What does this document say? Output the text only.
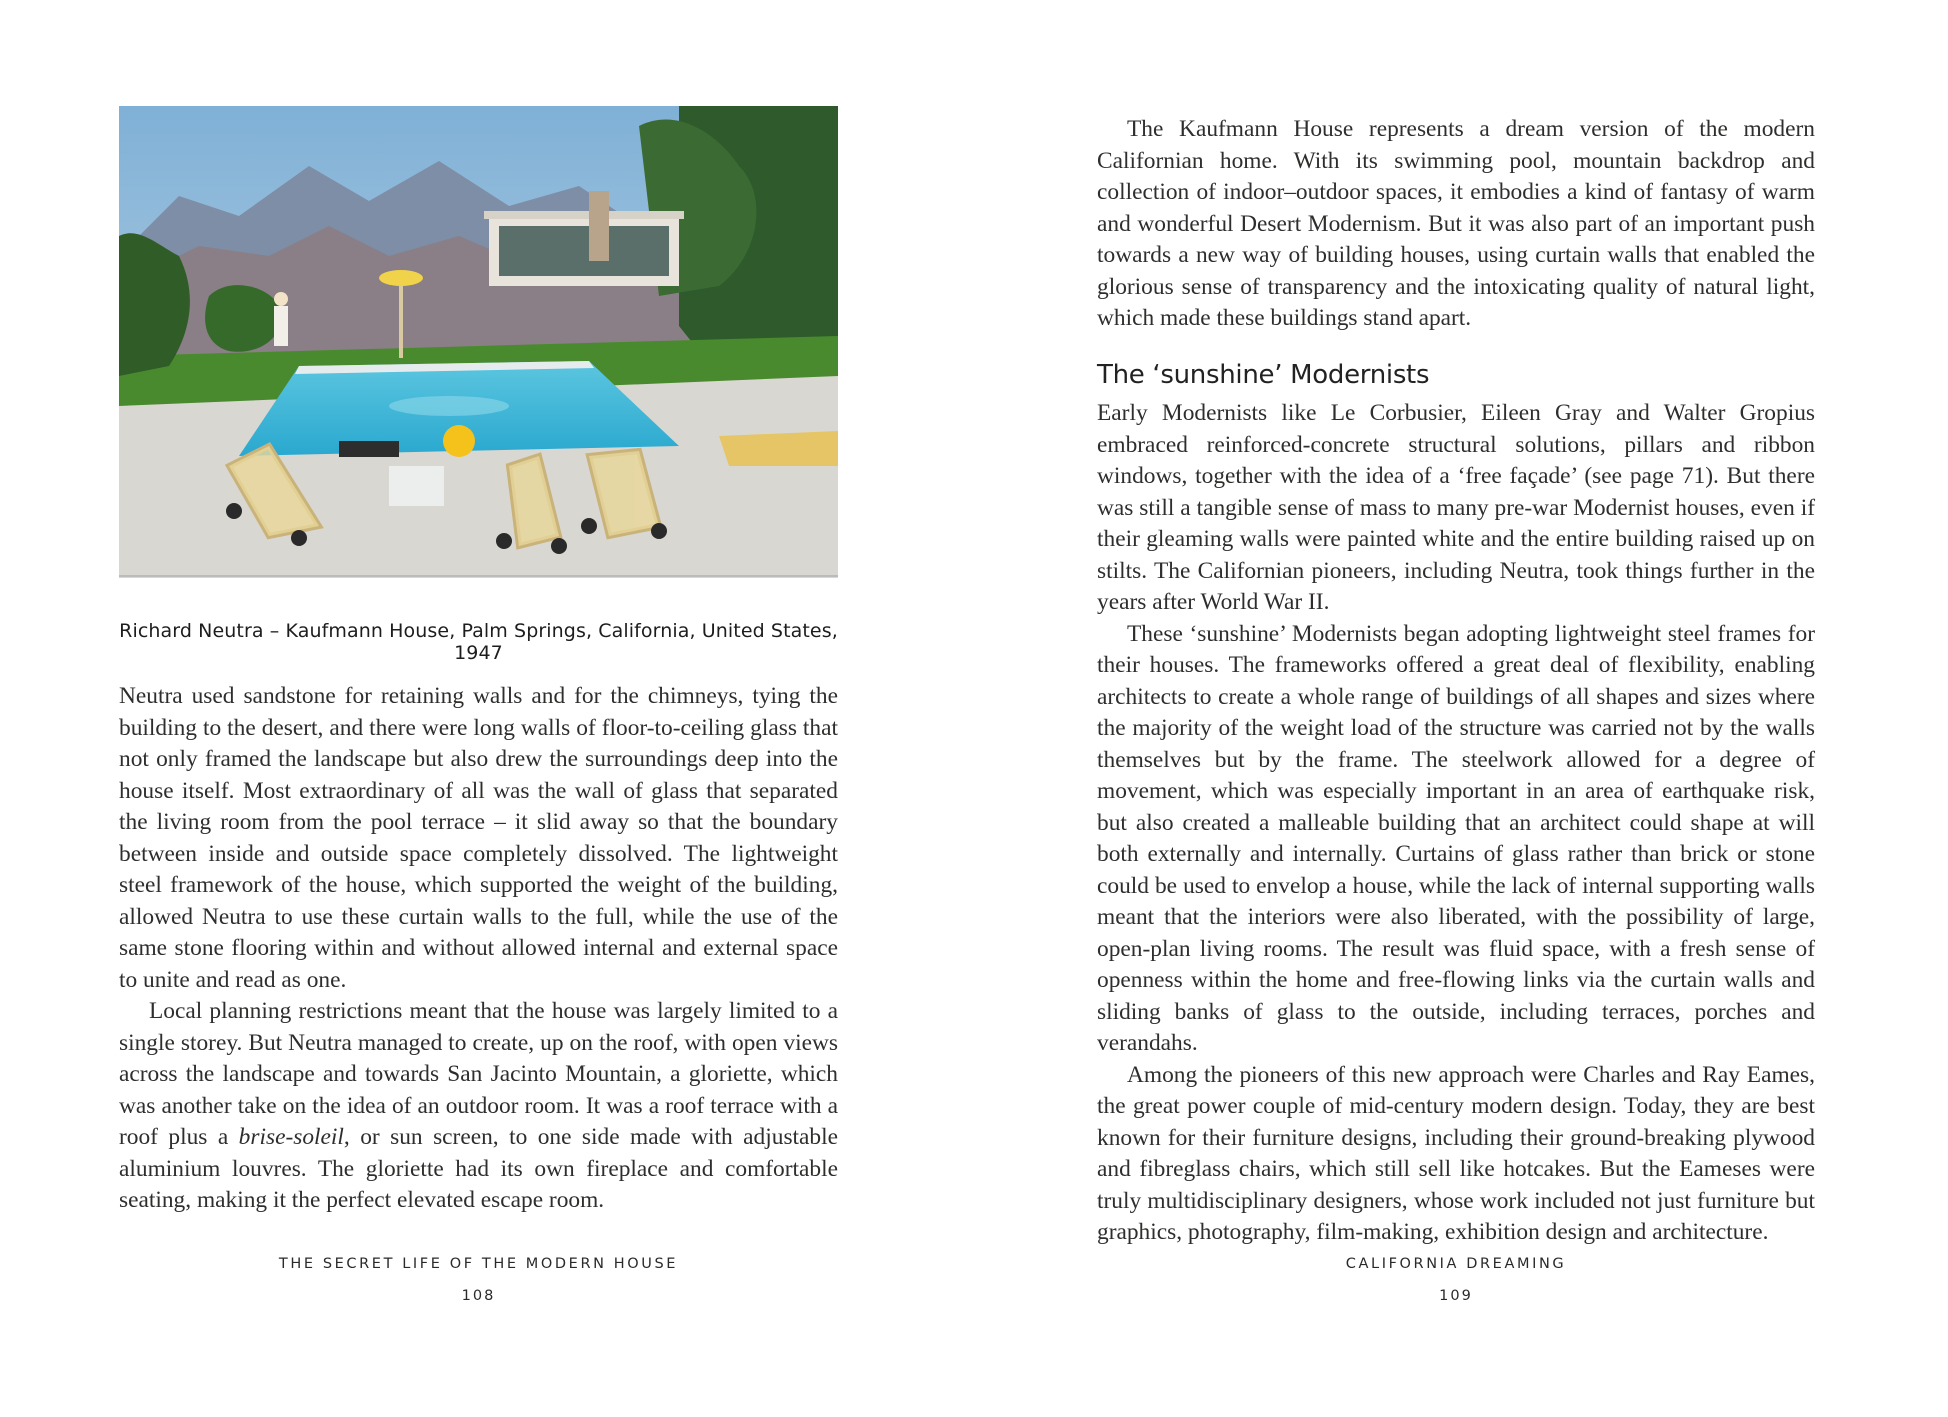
Richard Neutra – Kaufmann House, Palm Springs, California, United States, 1947

Neutra used sandstone for retaining walls and for the chimneys, tying the building to the desert, and there were long walls of floor-to-ceiling glass that not only framed the landscape but also drew the surroundings deep into the house itself. Most extraordinary of all was the wall of glass that separated the living room from the pool terrace – it slid away so that the boundary between inside and outside space completely dissolved. The lightweight steel framework of the house, which supported the weight of the building, allowed Neutra to use these curtain walls to the full, while the use of the same stone flooring within and without allowed internal and external space to unite and read as one.

Local planning restrictions meant that the house was largely limited to a single storey. But Neutra managed to create, up on the roof, with open views across the landscape and towards San Jacinto Mountain, a gloriette, which was another take on the idea of an outdoor room. It was a roof terrace with a roof plus a brise-soleil, or sun screen, to one side made with adjustable aluminium louvres. The gloriette had its own fireplace and comfortable seating, making it the perfect elevated escape room.

THE SECRET LIFE OF THE MODERN HOUSE
108

The Kaufmann House represents a dream version of the modern Californian home. With its swimming pool, mountain backdrop and collection of indoor–outdoor spaces, it embodies a kind of fantasy of warm and wonderful Desert Modernism. But it was also part of an important push towards a new way of building houses, using curtain walls that enabled the glorious sense of transparency and the intoxicating quality of natural light, which made these buildings stand apart.

The ‘sunshine’ Modernists

Early Modernists like Le Corbusier, Eileen Gray and Walter Gropius embraced reinforced-concrete structural solutions, pillars and ribbon windows, together with the idea of a ‘free façade’ (see page 71). But there was still a tangible sense of mass to many pre-war Modernist houses, even if their gleaming walls were painted white and the entire building raised up on stilts. The Californian pioneers, including Neutra, took things further in the years after World War II.

These ‘sunshine’ Modernists began adopting lightweight steel frames for their houses. The frameworks offered a great deal of flexibility, enabling architects to create a whole range of buildings of all shapes and sizes where the majority of the weight load of the structure was carried not by the walls themselves but by the frame. The steelwork allowed for a degree of movement, which was especially important in an area of earthquake risk, but also created a malleable building that an architect could shape at will both externally and internally. Curtains of glass rather than brick or stone could be used to envelop a house, while the lack of internal supporting walls meant that the interiors were also liberated, with the possibility of large, open-plan living rooms. The result was fluid space, with a fresh sense of openness within the home and free-flowing links via the curtain walls and sliding banks of glass to the outside, including terraces, porches and verandahs.

Among the pioneers of this new approach were Charles and Ray Eames, the great power couple of mid-century modern design. Today, they are best known for their furniture designs, including their ground-breaking plywood and fibreglass chairs, which still sell like hotcakes. But the Eameses were truly multidisciplinary designers, whose work included not just furniture but graphics, photography, film-making, exhibition design and architecture.

CALIFORNIA DREAMING
109
